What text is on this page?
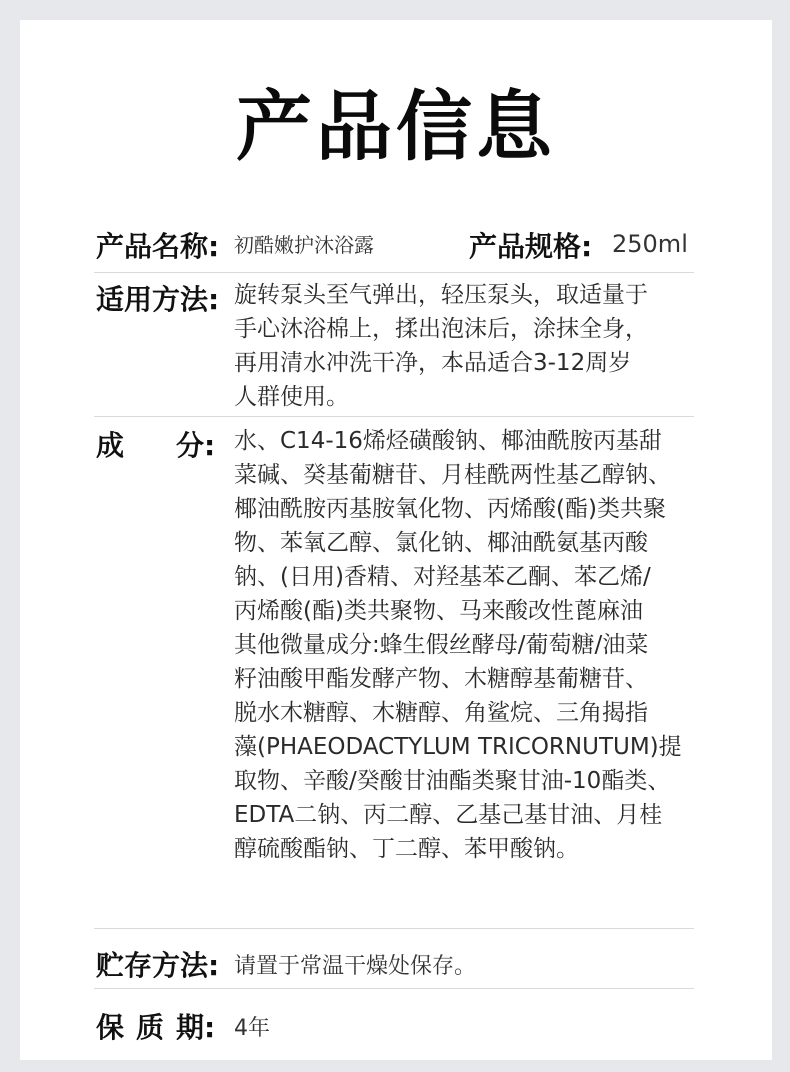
产品信息
产品名称: 初酷嫩护沐浴露	产品规格: 250ml
适用方法: 旋转泵头至气弹出，轻压泵头，取适量于
手心沐浴棉上，揉出泡沫后，涂抹全身，
再用清水冲洗干净，本品适合3-12周岁
人群使用。
成 分 : 水、C14-16烯烃磺酸钠、椰油酰胺丙基甜
菜碱、癸基葡糖苷、月桂酰两性基乙醇钠、
椰油酰胺丙基胺氧化物、丙烯酸(酯)类共聚
物、苯氧乙醇、氯化钠、椰油酰氨基丙酸
钠、(日用)香精、对羟基苯乙酮、苯乙烯/
丙烯酸(酯)类共聚物、马来酸改性蓖麻油
其他微量成分:蜂生假丝酵母/葡萄糖/油菜
籽油酸甲酯发酵产物、木糖醇基葡糖苷、
脱水木糖醇、木糖醇、角鲨烷、三角揭指
藻(PHAEODACTYLUM TRICORNUTUM)提
取物、辛酸/癸酸甘油酯类聚甘油-10酯类、
EDTA二钠、丙二醇、乙基己基甘油、月桂
醇硫酸酯钠、丁二醇、苯甲酸钠。
贮存方法: 请置于常温干燥处保存。
保 质 期 : 4年
